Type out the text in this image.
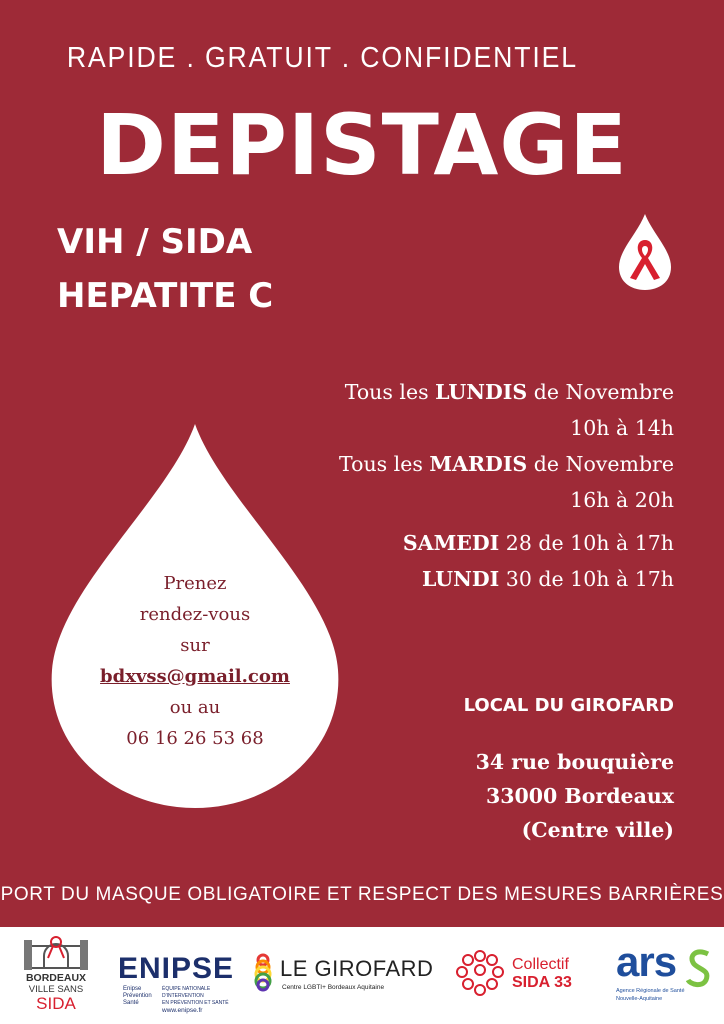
RAPIDE . GRATUIT . CONFIDENTIEL
DEPISTAGE
VIH / SIDA
HEPATITE C
Tous les LUNDIS de Novembre
10h à 14h
Tous les MARDIS de Novembre
16h à 20h
SAMEDI 28 de 10h à 17h
LUNDI 30 de 10h à 17h
Prenez
rendez-vous
sur
bdxvss@gmail.com
ou au
06 16 26 53 68
LOCAL DU GIROFARD
34 rue bouquière
33000 Bordeaux
(Centre ville)
PORT DU MASQUE OBLIGATOIRE ET RESPECT DES MESURES BARRIÈRES
BORDEAUX
VILLE SANS
SIDA
ENIPSE
Enipse
Prévention
Santé
ÉQUIPE NATIONALE D'INTERVENTION
EN PRÉVENTION ET SANTÉ
www.enipse.fr
LE GIROFARD
Centre LGBTI+ Bordeaux Aquitaine
Collectif
SIDA 33 ars
Agence Régionale de Santé
Nouvelle-Aquitaine
